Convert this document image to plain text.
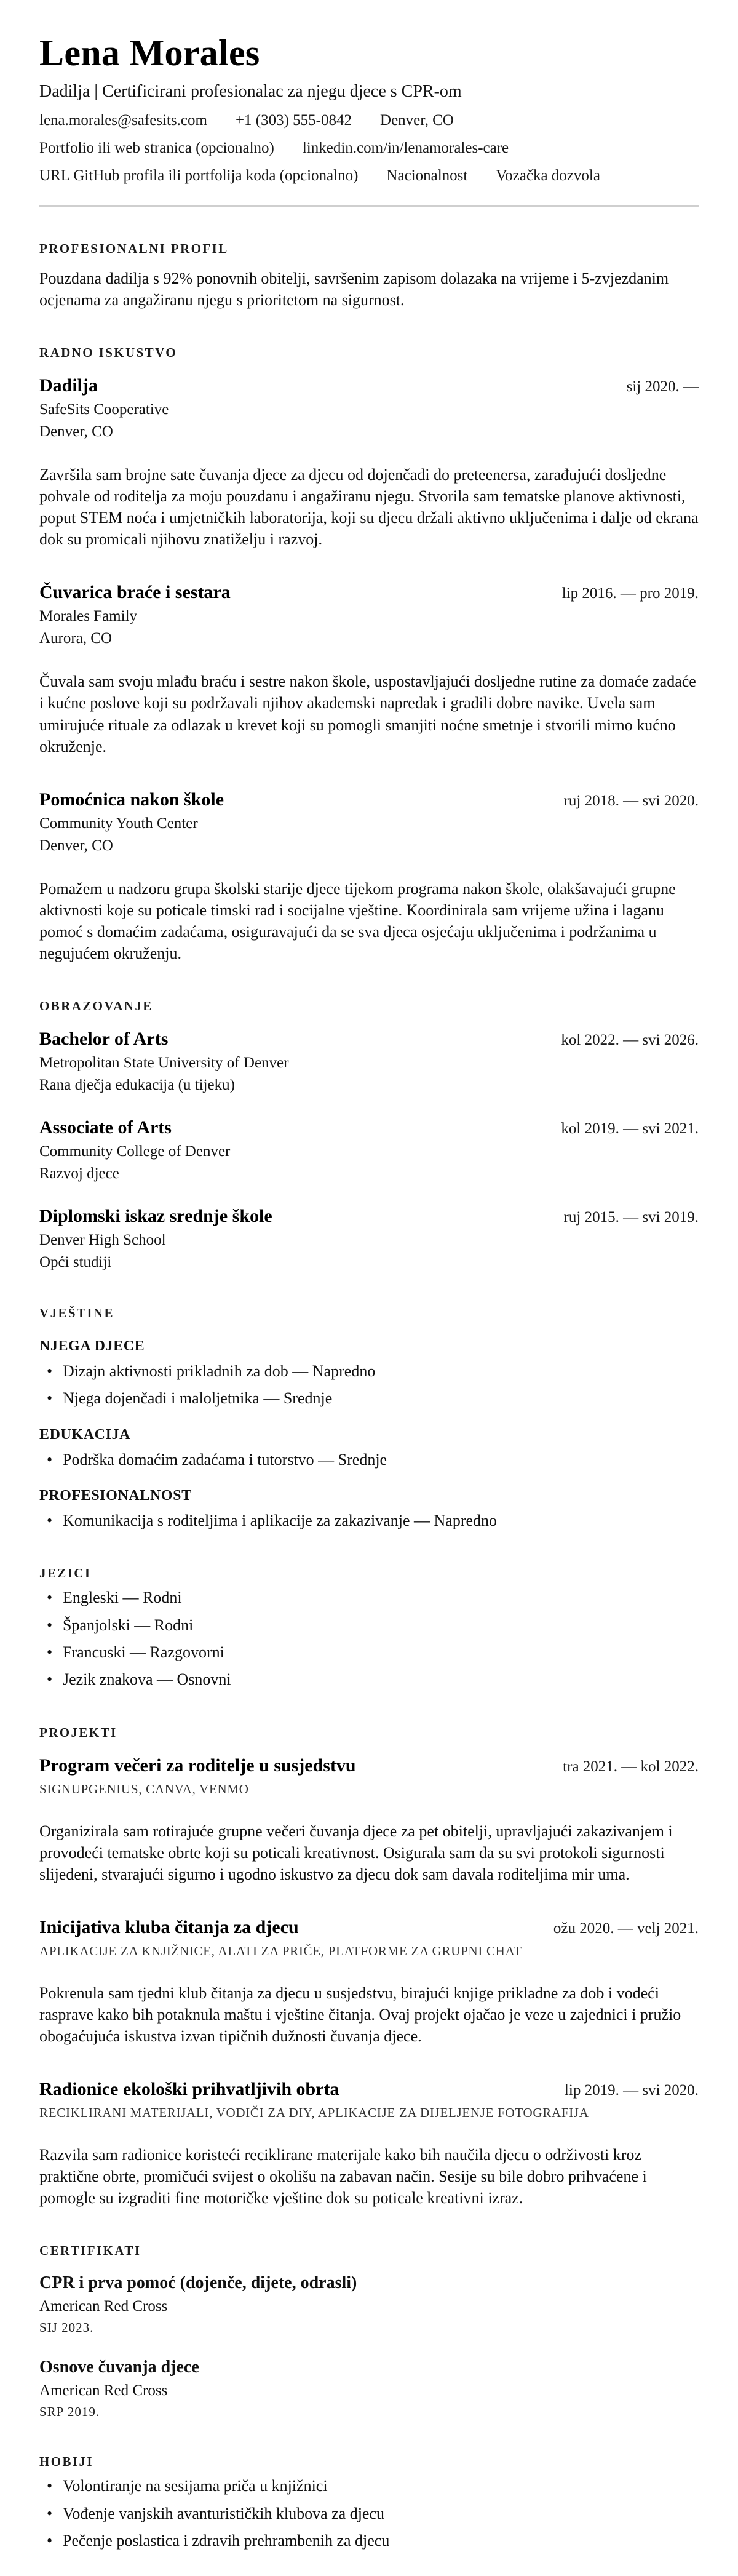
Lena Morales

Dadilja | Certificirani profesionalac za njegu djece s CPR-om

lena.morales@safesits.com +1 (303) 555-0842 Denver, CO
Portfolio ili web stranica (opcionalno) linkedin.com/in/lenamorales-care
URL GitHub profila ili portfolija koda (opcionalno) Nacionalnost Vozačka dozvola
PROFESIONALNI PROFIL

Pouzdana dadilja s 92% ponovnih obitelji, savršenim zapisom dolazaka na vrijeme i 5-zvjezdanim ocjenama za angažiranu njegu s prioritetom na sigurnost.

RADNO ISKUSTVO
Dadilja	sij 2020. —
SafeSits Cooperative
Denver, CO

Završila sam brojne sate čuvanja djece za djecu od dojenčadi do preteenersa, zarađujući dosljedne pohvale od roditelja za moju pouzdanu i angažiranu njegu. Stvorila sam tematske planove aktivnosti, poput STEM noća i umjetničkih laboratorija, koji su djecu držali aktivno uključenima i dalje od ekrana dok su promicali njihovu znatiželju i razvoj.

Čuvarica braće i sestara	lip 2016. — pro 2019.
Morales Family
Aurora, CO

Čuvala sam svoju mlađu braću i sestre nakon škole, uspostavljajući dosljedne rutine za domaće zadaće i kućne poslove koji su podržavali njihov akademski napredak i gradili dobre navike. Uvela sam umirujuće rituale za odlazak u krevet koji su pomogli smanjiti noćne smetnje i stvorili mirno kućno okruženje.

Pomoćnica nakon škole	ruj 2018. — svi 2020.
Community Youth Center
Denver, CO

Pomažem u nadzoru grupa školski starije djece tijekom programa nakon škole, olakšavajući grupne aktivnosti koje su poticale timski rad i socijalne vještine. Koordinirala sam vrijeme užina i laganu pomoć s domaćim zadaćama, osiguravajući da se sva djeca osjećaju uključenima i podržanima u negujućem okruženju.

OBRAZOVANJE
Bachelor of Arts	kol 2022. — svi 2026.
Metropolitan State University of Denver
Rana dječja edukacija (u tijeku)
Associate of Arts	kol 2019. — svi 2021.
Community College of Denver
Razvoj djece
Diplomski iskaz srednje škole	ruj 2015. — svi 2019.
Denver High School
Opći studiji
VJEŠTINE
NJEGA DJECE
• Dizajn aktivnosti prikladnih za dob — Napredno
• Njega dojenčadi i maloljetnika — Srednje
EDUKACIJA
• Podrška domaćim zadaćama i tutorstvo — Srednje
PROFESIONALNOST
• Komunikacija s roditeljima i aplikacije za zakazivanje — Napredno
JEZICI
• Engleski — Rodni
• Španjolski — Rodni
• Francuski — Razgovorni
• Jezik znakova — Osnovni
PROJEKTI
Program večeri za roditelje u susjedstvu	tra 2021. — kol 2022.
SIGNUPGENIUS, CANVA, VENMO

Organizirala sam rotirajuće grupne večeri čuvanja djece za pet obitelji, upravljajući zakazivanjem i provodeći tematske obrte koji su poticali kreativnost. Osigurala sam da su svi protokoli sigurnosti slijedeni, stvarajući sigurno i ugodno iskustvo za djecu dok sam davala roditeljima mir uma.

Inicijativa kluba čitanja za djecu	ožu 2020. — velj 2021.
APLIKACIJE ZA KNJIŽNICE, ALATI ZA PRIČE, PLATFORME ZA GRUPNI CHAT

Pokrenula sam tjedni klub čitanja za djecu u susjedstvu, birajući knjige prikladne za dob i vodeći rasprave kako bih potaknula maštu i vještine čitanja. Ovaj projekt ojačao je veze u zajednici i pružio obogaćujuća iskustva izvan tipičnih dužnosti čuvanja djece.

Radionice ekološki prihvatljivih obrta	lip 2019. — svi 2020.
RECIKLIRANI MATERIJALI, VODIČI ZA DIY, APLIKACIJE ZA DIJELJENJE FOTOGRAFIJA

Razvila sam radionice koristeći reciklirane materijale kako bih naučila djecu o održivosti kroz praktične obrte, promičući svijest o okolišu na zabavan način. Sesije su bile dobro prihvaćene i pomogle su izgraditi fine motoričke vještine dok su poticale kreativni izraz.

CERTIFIKATI
CPR i prva pomoć (dojenče, dijete, odrasli)
American Red Cross
SIJ 2023.
Osnove čuvanja djece
American Red Cross
SRP 2019.
HOBIJI
• Volontiranje na sesijama priča u knjižnici
• Vođenje vanjskih avanturističkih klubova za djecu
• Pečenje poslastica i zdravih prehrambenih za djecu
